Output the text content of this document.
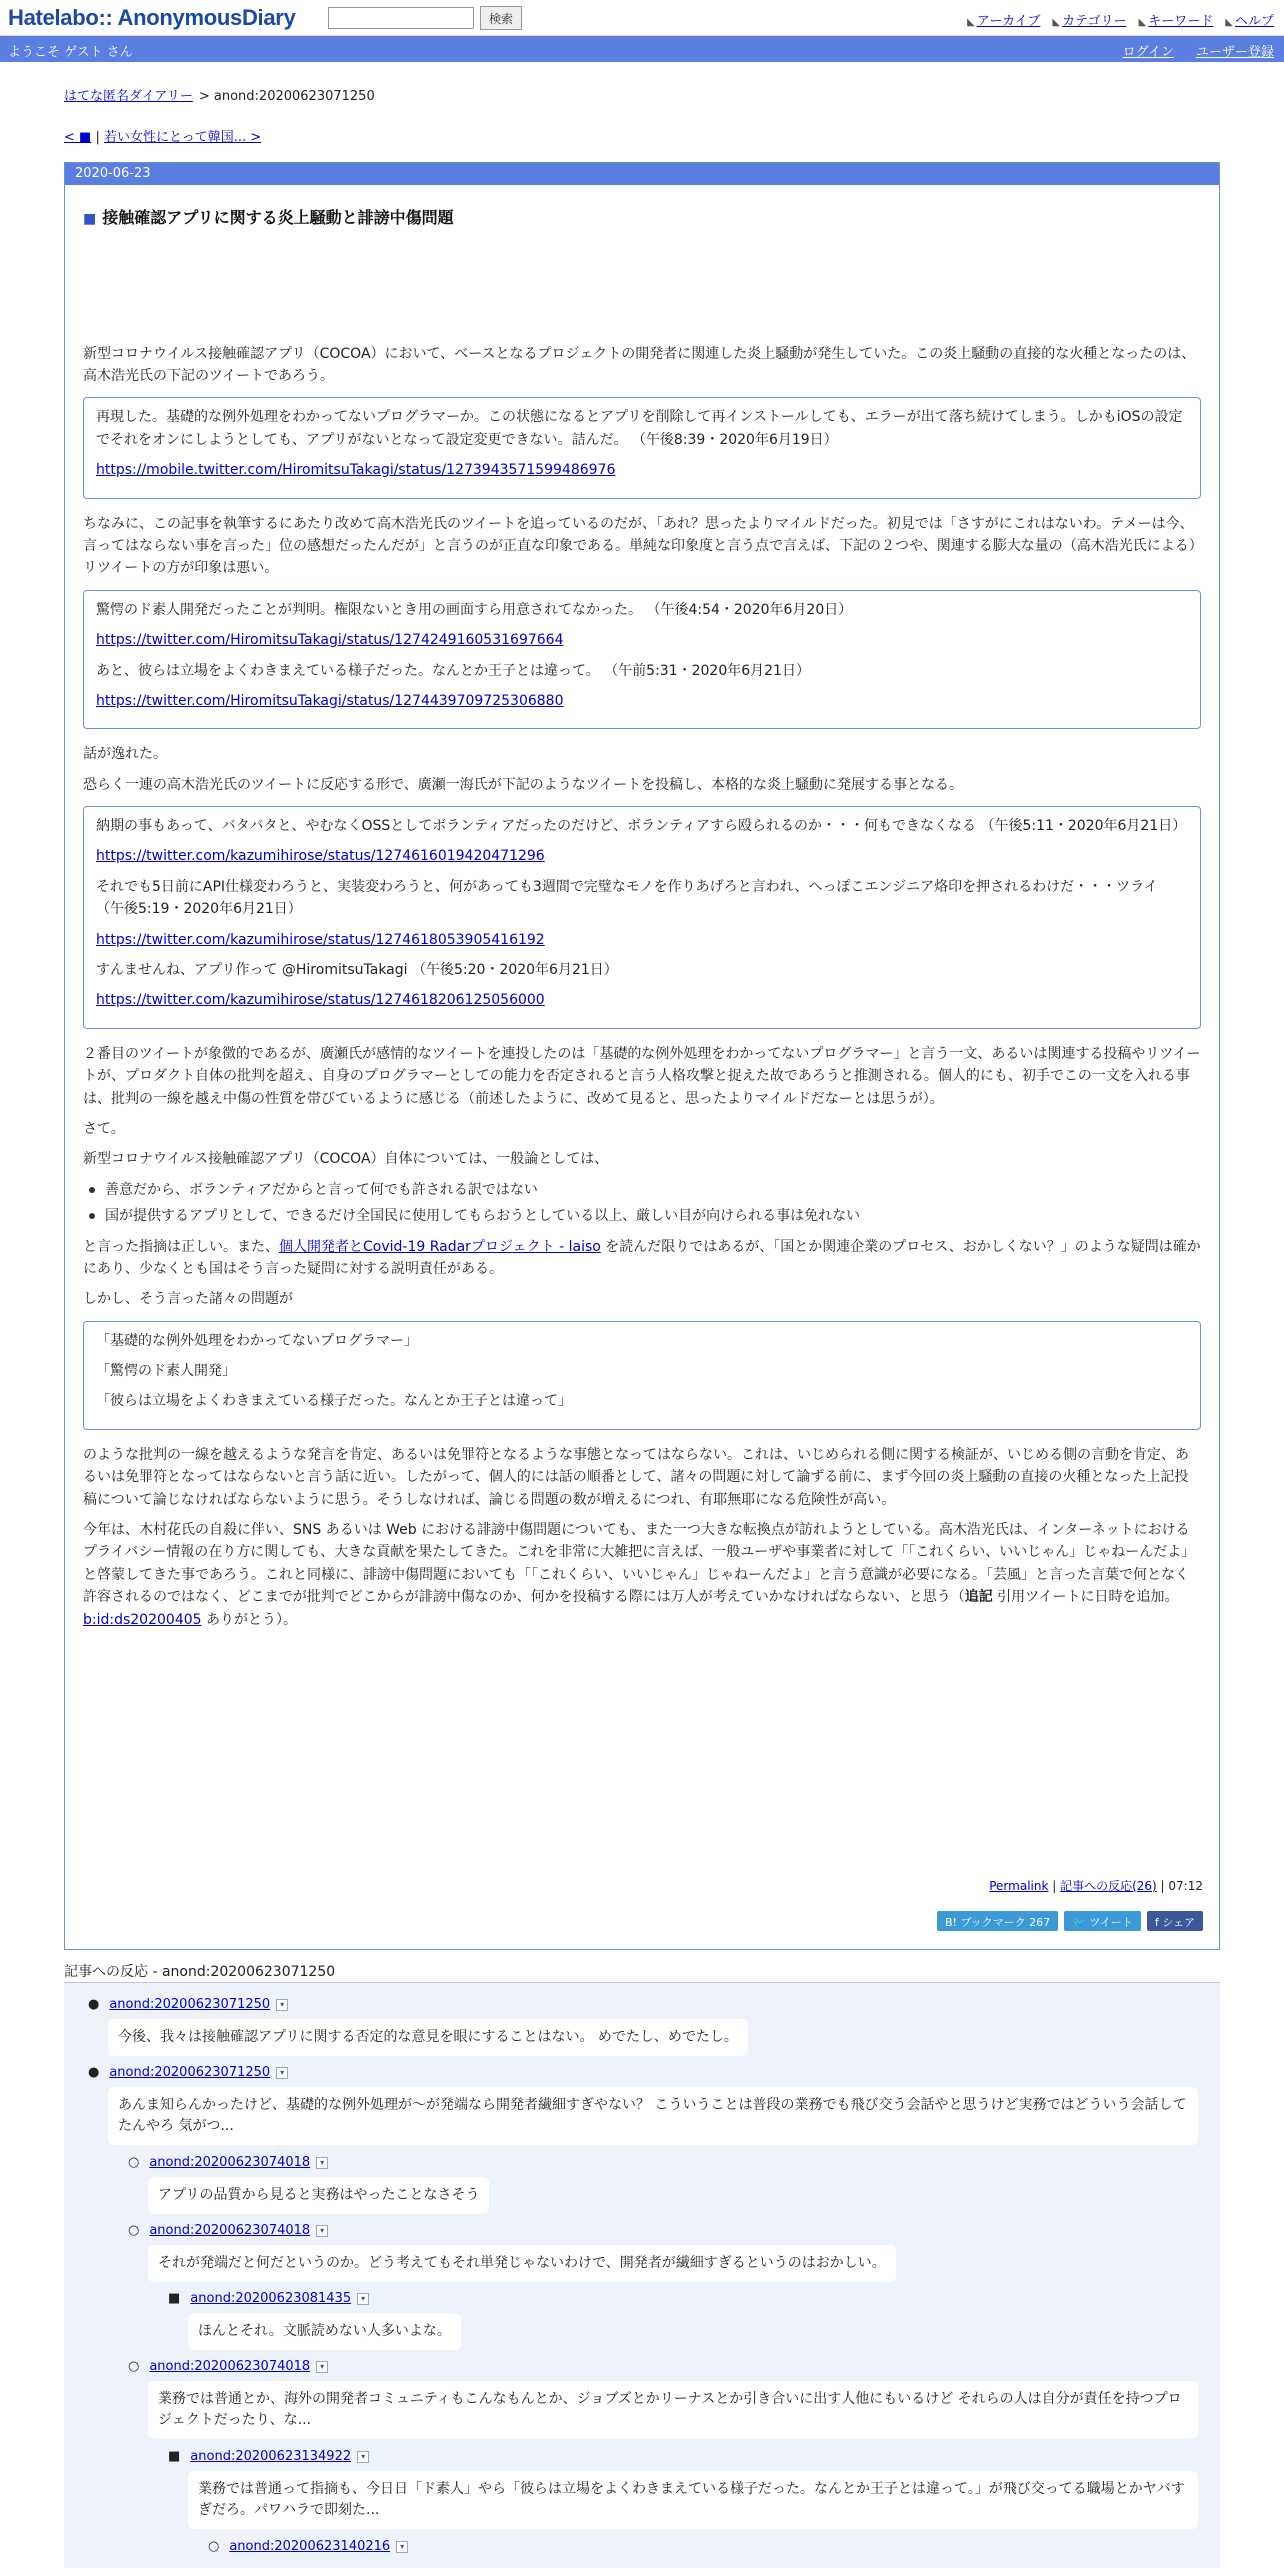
Hatelabo:: AnonymousDiary	検索	◣ アーカイブ ◣ カテゴリー ◣ キーワード ◣ ヘルプ
ようこそ ゲスト さん	ログイン ユーザー登録
はてな匿名ダイアリー > anond:20200623071250
< ■ | 若い女性にとって韓国... >
2020-06-23
■ 接触確認アプリに関する炎上騒動と誹謗中傷問題

新型コロナウイルス接触確認アプリ（COCOA）において、ベースとなるプロジェクトの開発者に関連した炎上騒動が発生していた。この炎上騒動の直接的な火種となったのは、高木浩光氏の下記のツイートであろう。

再現した。基礎的な例外処理をわかってないプログラマーか。この状態になるとアプリを削除して再インストールしても、エラーが出て落ち続けてしまう。しかもiOSの設定でそれをオンにしようとしても、アプリがないとなって設定変更できない。詰んだ。 （午後8:39・2020年6月19日）

https://mobile.twitter.com/HiromitsuTakagi/status/1273943571599486976

ちなみに、この記事を執筆するにあたり改めて高木浩光氏のツイートを追っているのだが、「あれ？思ったよりマイルドだった。初見では「さすがにこれはないわ。テメーは今、言ってはならない事を言った」位の感想だったんだが」と言うのが正直な印象である。単純な印象度と言う点で言えば、下記の２つや、関連する膨大な量の（高木浩光氏による）リツイートの方が印象は悪い。

驚愕のド素人開発だったことが判明。権限ないとき用の画面すら用意されてなかった。 （午後4:54・2020年6月20日）

https://twitter.com/HiromitsuTakagi/status/1274249160531697664

あと、彼らは立場をよくわきまえている様子だった。なんとか王子とは違って。 （午前5:31・2020年6月21日）

https://twitter.com/HiromitsuTakagi/status/1274439709725306880

話が逸れた。

恐らく一連の高木浩光氏のツイートに反応する形で、廣瀬一海氏が下記のようなツイートを投稿し、本格的な炎上騒動に発展する事となる。

納期の事もあって、バタバタと、やむなくOSSとしてボランティアだったのだけど、ボランティアすら殴られるのか・・・何もできなくなる （午後5:11・2020年6月21日）

https://twitter.com/kazumihirose/status/1274616019420471296

それでも5日前にAPI仕様変わろうと、実装変わろうと、何があっても3週間で完璧なモノを作りあげろと言われ、へっぽこエンジニア烙印を押されるわけだ・・・ツライ （午後5:19・2020年6月21日）

https://twitter.com/kazumihirose/status/1274618053905416192

すんませんね、アプリ作って @HiromitsuTakagi （午後5:20・2020年6月21日）

https://twitter.com/kazumihirose/status/1274618206125056000

２番目のツイートが象徴的であるが、廣瀬氏が感情的なツイートを連投したのは「基礎的な例外処理をわかってないプログラマー」と言う一文、あるいは関連する投稿やリツイートが、プロダクト自体の批判を超え、自身のプログラマーとしての能力を否定されると言う人格攻撃と捉えた故であろうと推測される。個人的にも、初手でこの一文を入れる事は、批判の一線を越え中傷の性質を帯びているように感じる（前述したように、改めて見ると、思ったよりマイルドだなーとは思うが）。

さて。

新型コロナウイルス接触確認アプリ（COCOA）自体については、一般論としては、

善意だから、ボランティアだからと言って何でも許される訳ではない
国が提供するアプリとして、できるだけ全国民に使用してもらおうとしている以上、厳しい目が向けられる事は免れない

と言った指摘は正しい。また、個人開発者とCovid-19 Radarプロジェクト - laiso を読んだ限りではあるが、「国とか関連企業のプロセス、おかしくない？」のような疑問は確かにあり、少なくとも国はそう言った疑問に対する説明責任がある。

しかし、そう言った諸々の問題が

「基礎的な例外処理をわかってないプログラマー」

「驚愕のド素人開発」

「彼らは立場をよくわきまえている様子だった。なんとか王子とは違って」

のような批判の一線を越えるような発言を肯定、あるいは免罪符となるような事態となってはならない。これは、いじめられる側に関する検証が、いじめる側の言動を肯定、あるいは免罪符となってはならないと言う話に近い。したがって、個人的には話の順番として、諸々の問題に対して論ずる前に、まず今回の炎上騒動の直接の火種となった上記投稿について論じなければならないように思う。そうしなければ、論じる問題の数が増えるにつれ、有耶無耶になる危険性が高い。

今年は、木村花氏の自殺に伴い、SNS あるいは Web における誹謗中傷問題についても、また一つ大きな転換点が訪れようとしている。高木浩光氏は、インターネットにおけるプライバシー情報の在り方に関しても、大きな貢献を果たしてきた。これを非常に大雑把に言えば、一般ユーザや事業者に対して「「これくらい、いいじゃん」じゃねーんだよ」と啓蒙してきた事であろう。これと同様に、誹謗中傷問題においても「「これくらい、いいじゃん」じゃねーんだよ」と言う意識が必要になる。「芸風」と言った言葉で何となく許容されるのではなく、どこまでが批判でどこからが誹謗中傷なのか、何かを投稿する際には万人が考えていかなければならない、と思う（追記 引用ツイートに日時を追加。 b:id:ds20200405 ありがとう）。

Permalink | 記事への反応(26) | 07:12
B! ブックマーク 267	🐦 ツイート	f シェア
記事への反応 - anond:20200623071250
● anond:20200623071250 ▾
今後、我々は接触確認アプリに関する否定的な意見を眼にすることはない。 めでたし、めでたし。
● anond:20200623071250 ▾
あんま知らんかったけど、基礎的な例外処理が〜が発端なら開発者繊細すぎやない？ こういうことは普段の業務でも飛び交う会話やと思うけど実務ではどういう会話してたんやろ 気がつ...
○ anond:20200623074018 ▾
アプリの品質から見ると実務はやったことなさそう
○ anond:20200623074018 ▾
それが発端だと何だというのか。どう考えてもそれ単発じゃないわけで、開発者が繊細すぎるというのはおかしい。
■ anond:20200623081435 ▾
ほんとそれ。文脈読めない人多いよな。
○ anond:20200623074018 ▾
業務では普通とか、海外の開発者コミュニティもこんなもんとか、ジョブズとかリーナスとか引き合いに出す人他にもいるけど それらの人は自分が責任を持つプロジェクトだったり、な...
■ anond:20200623134922 ▾
業務では普通って指摘も、今日日「ド素人」やら「彼らは立場をよくわきまえている様子だった。なんとか王子とは違って。」が飛び交ってる職場とかヤバすぎだろ。パワハラで即刻た...
○ anond:20200623140216 ▾
